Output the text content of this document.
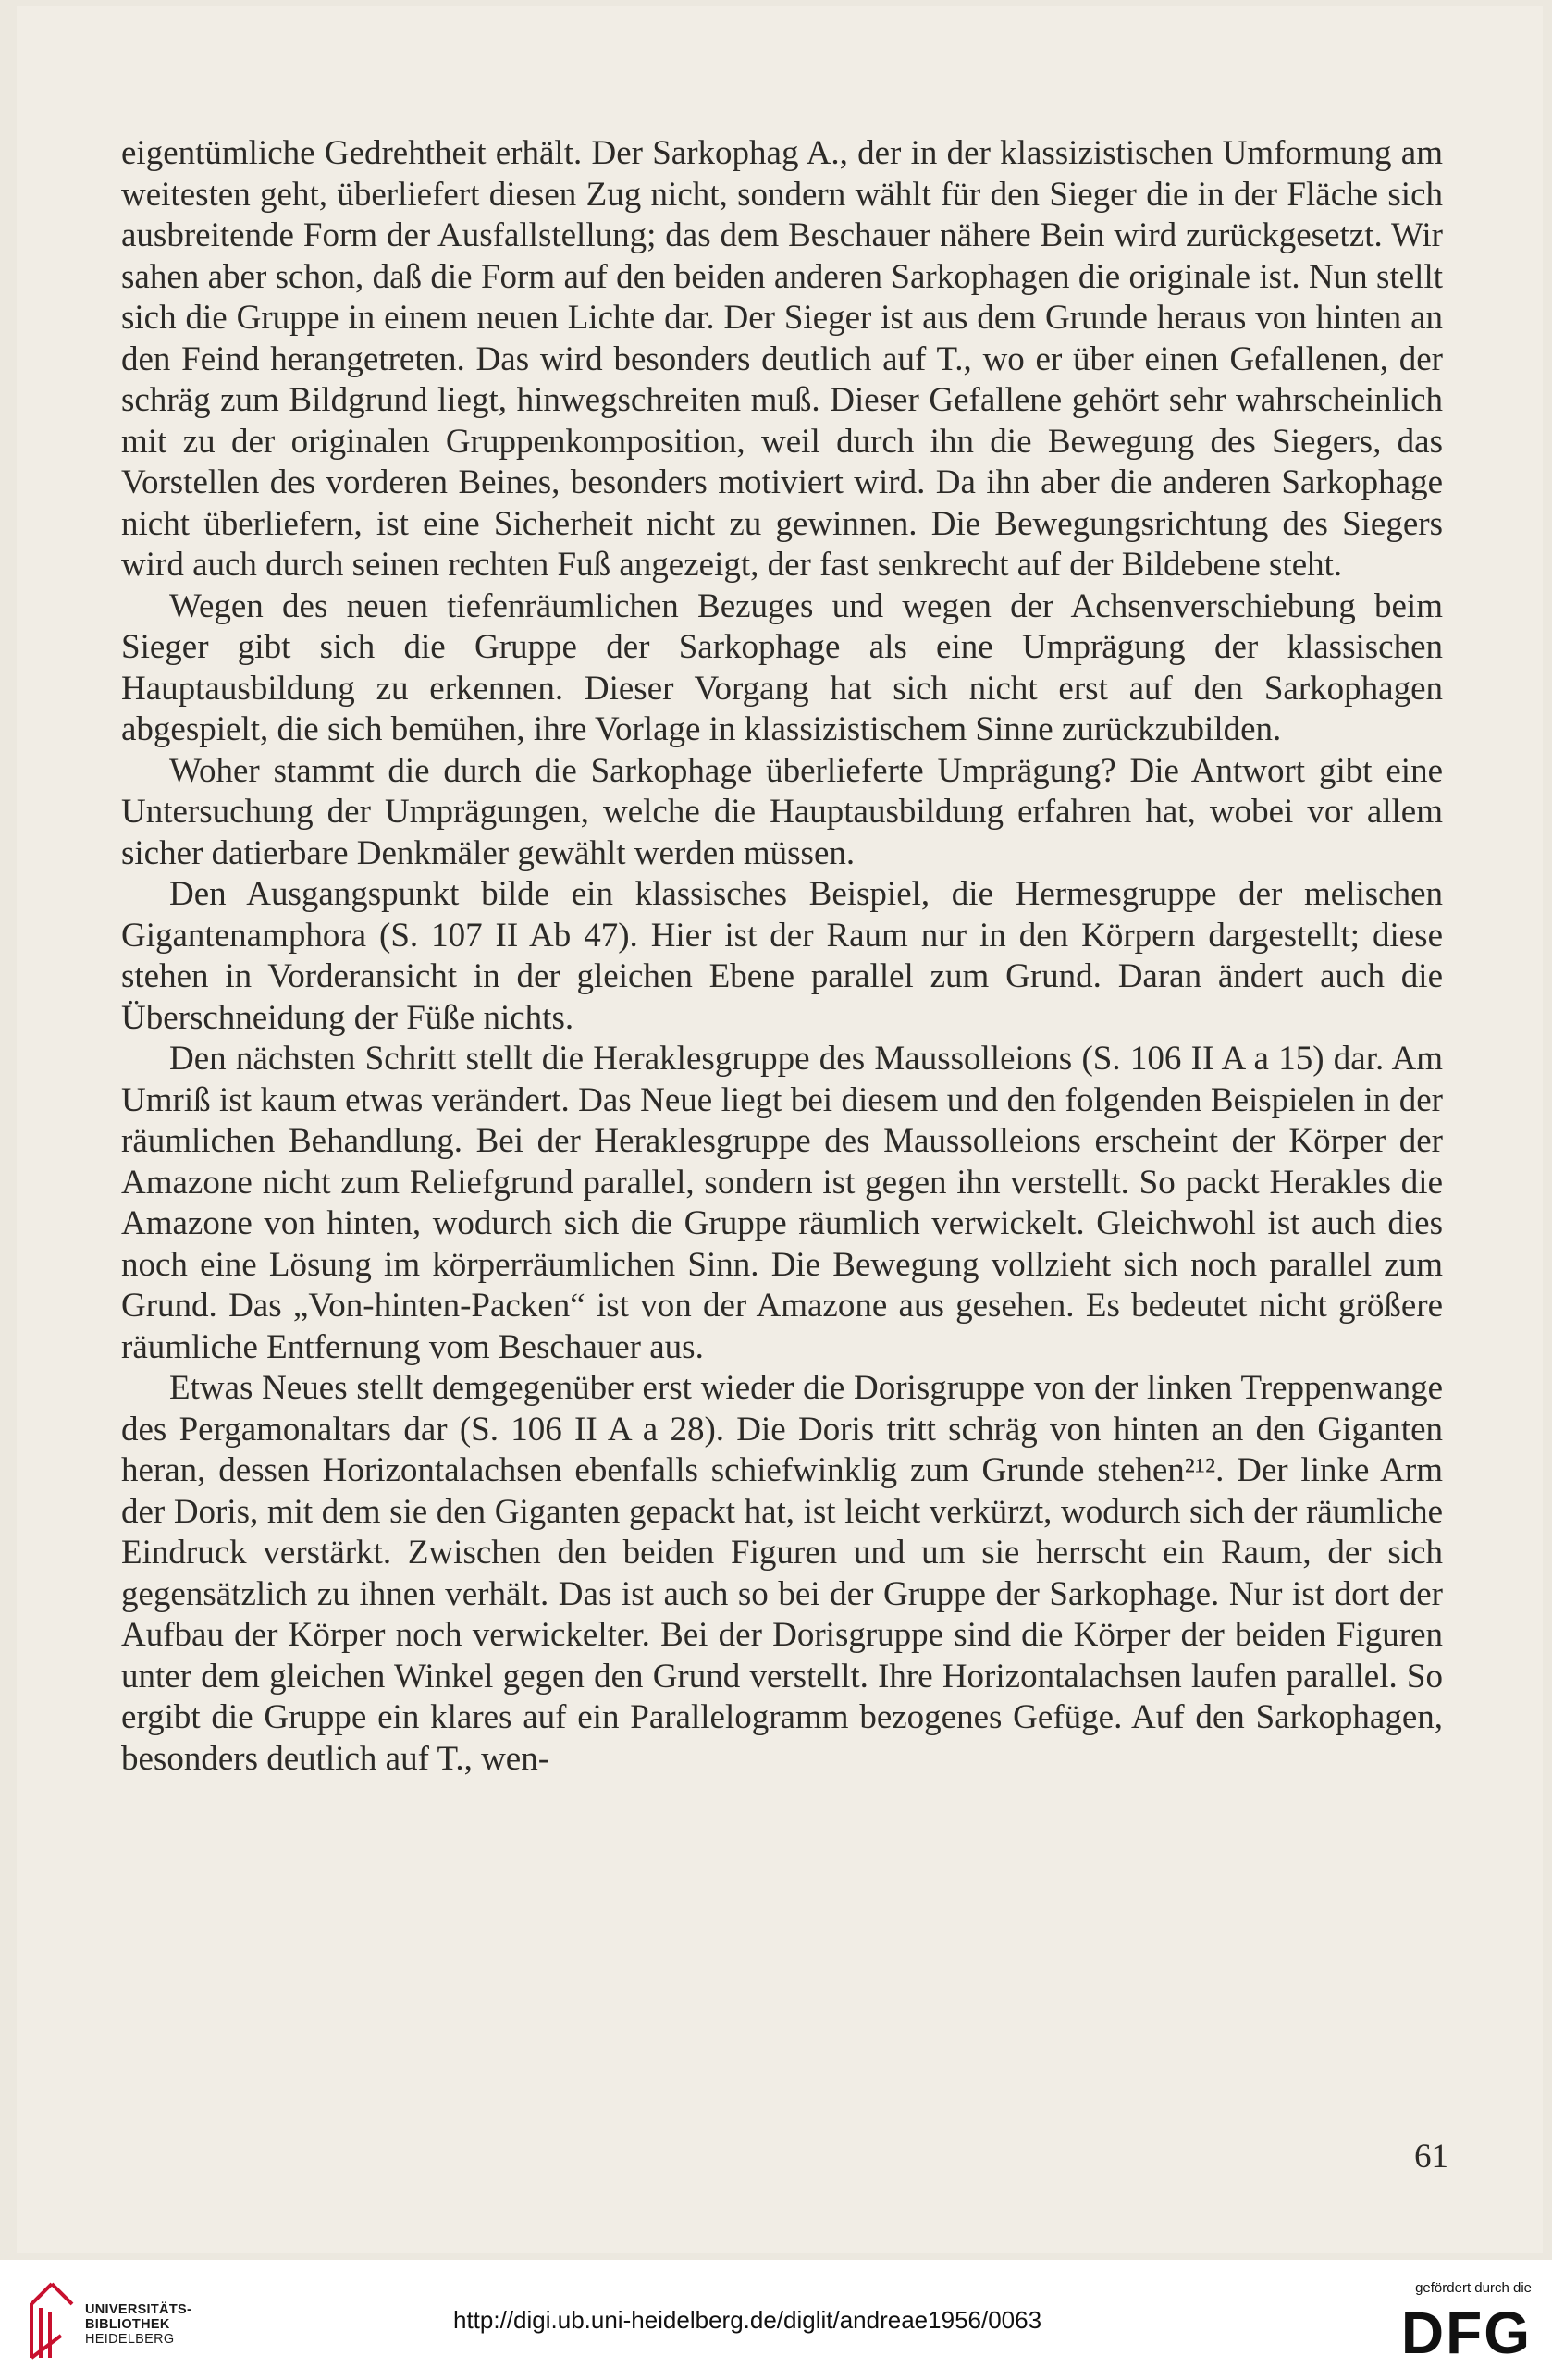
eigentümliche Gedrehtheit erhält. Der Sarkophag A., der in der klassizistischen Umformung am weitesten geht, überliefert diesen Zug nicht, sondern wählt für den Sieger die in der Fläche sich ausbreitende Form der Ausfallstellung; das dem Beschauer nähere Bein wird zurückgesetzt. Wir sahen aber schon, daß die Form auf den beiden anderen Sarkophagen die originale ist. Nun stellt sich die Gruppe in einem neuen Lichte dar. Der Sieger ist aus dem Grunde heraus von hinten an den Feind herangetreten. Das wird besonders deutlich auf T., wo er über einen Gefallenen, der schräg zum Bildgrund liegt, hinwegschreiten muß. Dieser Gefallene gehört sehr wahrscheinlich mit zu der originalen Gruppenkomposition, weil durch ihn die Bewegung des Siegers, das Vorstellen des vorderen Beines, besonders motiviert wird. Da ihn aber die anderen Sarkophage nicht überliefern, ist eine Sicherheit nicht zu gewinnen. Die Bewegungsrichtung des Siegers wird auch durch seinen rechten Fuß angezeigt, der fast senkrecht auf der Bildebene steht.

Wegen des neuen tiefenräumlichen Bezuges und wegen der Achsenverschiebung beim Sieger gibt sich die Gruppe der Sarkophage als eine Umprägung der klassischen Hauptausbildung zu erkennen. Dieser Vorgang hat sich nicht erst auf den Sarkophagen abgespielt, die sich bemühen, ihre Vorlage in klassizistischem Sinne zurückzubilden.

Woher stammt die durch die Sarkophage überlieferte Umprägung? Die Antwort gibt eine Untersuchung der Umprägungen, welche die Hauptausbildung erfahren hat, wobei vor allem sicher datierbare Denkmäler gewählt werden müssen.

Den Ausgangspunkt bilde ein klassisches Beispiel, die Hermesgruppe der melischen Gigantenamphora (S. 107 II Ab 47). Hier ist der Raum nur in den Körpern dargestellt; diese stehen in Vorderansicht in der gleichen Ebene parallel zum Grund. Daran ändert auch die Überschneidung der Füße nichts.

Den nächsten Schritt stellt die Heraklesgruppe des Maussolleions (S. 106 II A a 15) dar. Am Umriß ist kaum etwas verändert. Das Neue liegt bei diesem und den folgenden Beispielen in der räumlichen Behandlung. Bei der Heraklesgruppe des Maussolleions erscheint der Körper der Amazone nicht zum Reliefgrund parallel, sondern ist gegen ihn verstellt. So packt Herakles die Amazone von hinten, wodurch sich die Gruppe räumlich verwickelt. Gleichwohl ist auch dies noch eine Lösung im körperräumlichen Sinn. Die Bewegung vollzieht sich noch parallel zum Grund. Das „Von-hinten-Packen“ ist von der Amazone aus gesehen. Es bedeutet nicht größere räumliche Entfernung vom Beschauer aus.

Etwas Neues stellt demgegenüber erst wieder die Dorisgruppe von der linken Treppenwange des Pergamonaltars dar (S. 106 II A a 28). Die Doris tritt schräg von hinten an den Giganten heran, dessen Horizontalachsen ebenfalls schiefwinklig zum Grunde stehen²¹². Der linke Arm der Doris, mit dem sie den Giganten gepackt hat, ist leicht verkürzt, wodurch sich der räumliche Eindruck verstärkt. Zwischen den beiden Figuren und um sie herrscht ein Raum, der sich gegensätzlich zu ihnen verhält. Das ist auch so bei der Gruppe der Sarkophage. Nur ist dort der Aufbau der Körper noch verwickelter. Bei der Dorisgruppe sind die Körper der beiden Figuren unter dem gleichen Winkel gegen den Grund verstellt. Ihre Horizontalachsen laufen parallel. So ergibt die Gruppe ein klares auf ein Parallelogramm bezogenes Gefüge. Auf den Sarkophagen, besonders deutlich auf T., wen-

61
UNIVERSITÄTS-
BIBLIOTHEK
HEIDELBERG
http://digi.ub.uni-heidelberg.de/diglit/andreae1956/0063
gefördert durch die
DFG
